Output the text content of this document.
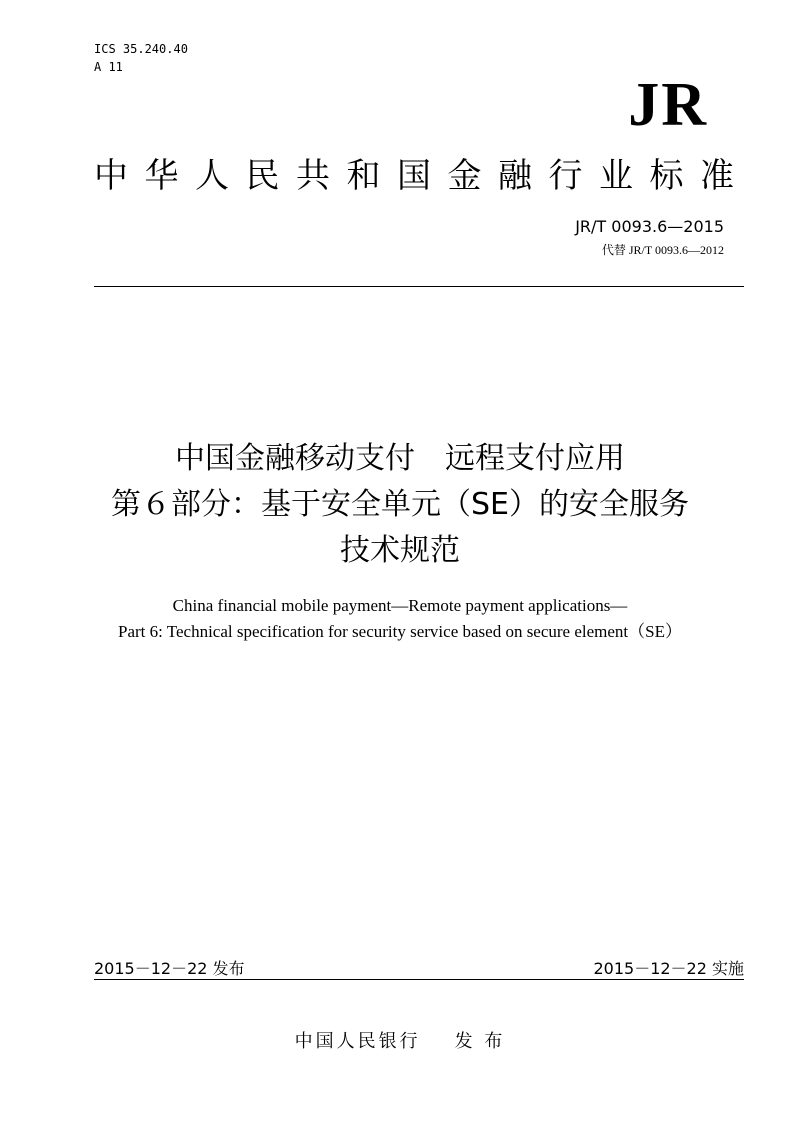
ICS 35.240.40
A 11
JR
中 华 人 民 共 和 国 金 融 行 业 标 准
JR/T 0093.6—2015
代替 JR/T 0093.6—2012
中国金融移动支付　远程支付应用
第６部分：基于安全单元（SE）的安全服务
技术规范
China financial mobile payment—Remote payment applications—
Part 6: Technical specification for security service based on secure element（SE）
2015－12－22 发布	2015－12－22 实施
中国人民银行 发 布
